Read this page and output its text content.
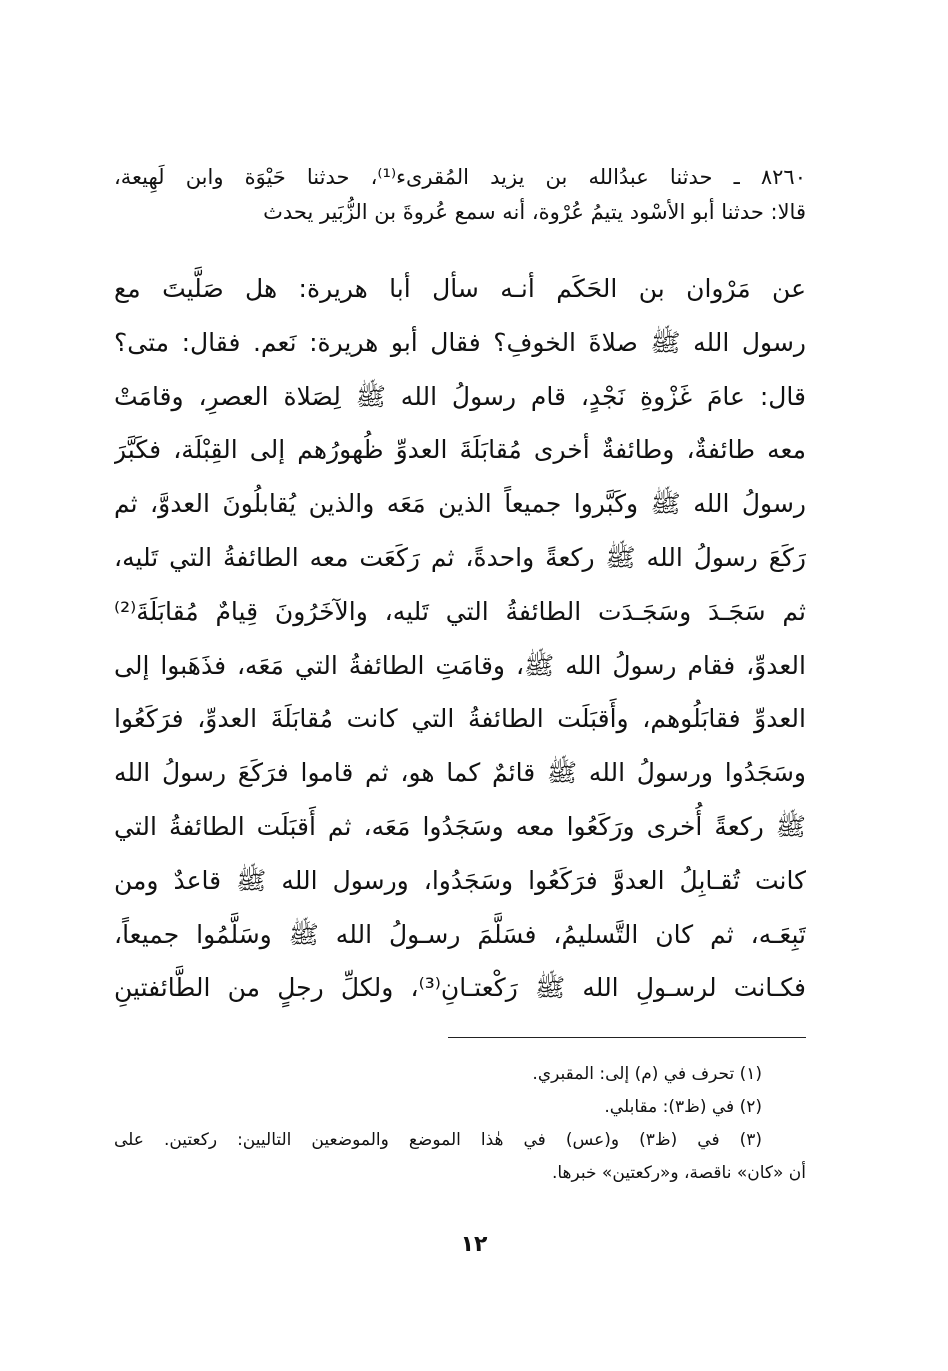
٨٢٦٠ ـ حدثنا عبدُالله بن يزيد المُقرىء⁽¹⁾، حدثنا حَيْوَة وابن لَهِيعة،
قالا: حدثنا أبو الأسْود يتيمُ عُرْوة، أنه سمع عُروةَ بن الزُّبَير يحدث
عن مَرْوان بن الحَكَم أنـه سأل أبا هريرة: هل صَلَّيتَ مع
رسول الله ﷺ صلاةَ الخوفِ؟ فقال أبو هريرة: نَعم. فقال: متى؟
قال: عامَ غَزْوةِ نَجْدٍ، قام رسولُ الله ﷺ لِصَلاة العصرِ، وقامَتْ
معه طائفةٌ، وطائفةٌ أخرى مُقابَلَةَ العدوِّ ظُهورُهم إلى القِبْلَة، فكَبَّرَ
رسولُ الله ﷺ وكَبَّروا جميعاً الذين مَعَه والذين يُقابلُونَ العدوَّ، ثم
رَكَعَ رسولُ الله ﷺ ركعةً واحدةً، ثم رَكَعَت معه الطائفةُ التي تَليه،
ثم سَجَـدَ وسَجَـدَت الطائفةُ التي تَليه، والآخَرُونَ قِيامٌ مُقابَلَةَ⁽²⁾
العدوِّ، فقام رسولُ الله ﷺ، وقامَتِ الطائفةُ التي مَعَه، فذَهَبوا إلى
العدوِّ فقابَلُوهم، وأَقبَلَت الطائفةُ التي كانت مُقابَلَةَ العدوِّ، فرَكَعُوا
وسَجَدُوا ورسولُ الله ﷺ قائمٌ كما هو، ثم قاموا فرَكَعَ رسولُ الله
ﷺ ركعةً أُخرى ورَكَعُوا معه وسَجَدُوا مَعَه، ثم أَقبَلَت الطائفةُ التي
كانت تُقـابِلُ العدوَّ فرَكَعُوا وسَجَدُوا، ورسول الله ﷺ قاعدٌ ومن
تَبِعَـه، ثم كان التَّسليمُ، فسَلَّمَ رسـولُ الله ﷺ وسَلَّمُوا جميعاً،
فكـانت لرسـولِ الله ﷺ رَكْعتـانِ⁽³⁾، ولكلِّ رجلٍ من الطَّائفتينِ
(١) تحرف في (م) إلى: المقبري.
(٢) في (ظ٣): مقابلي.
(٣) في (ظ٣) و(عس) في هٰذا الموضع والموضعين التاليين: ركعتين. على
أن «كان» ناقصة، و«ركعتين» خبرها.
١٢
